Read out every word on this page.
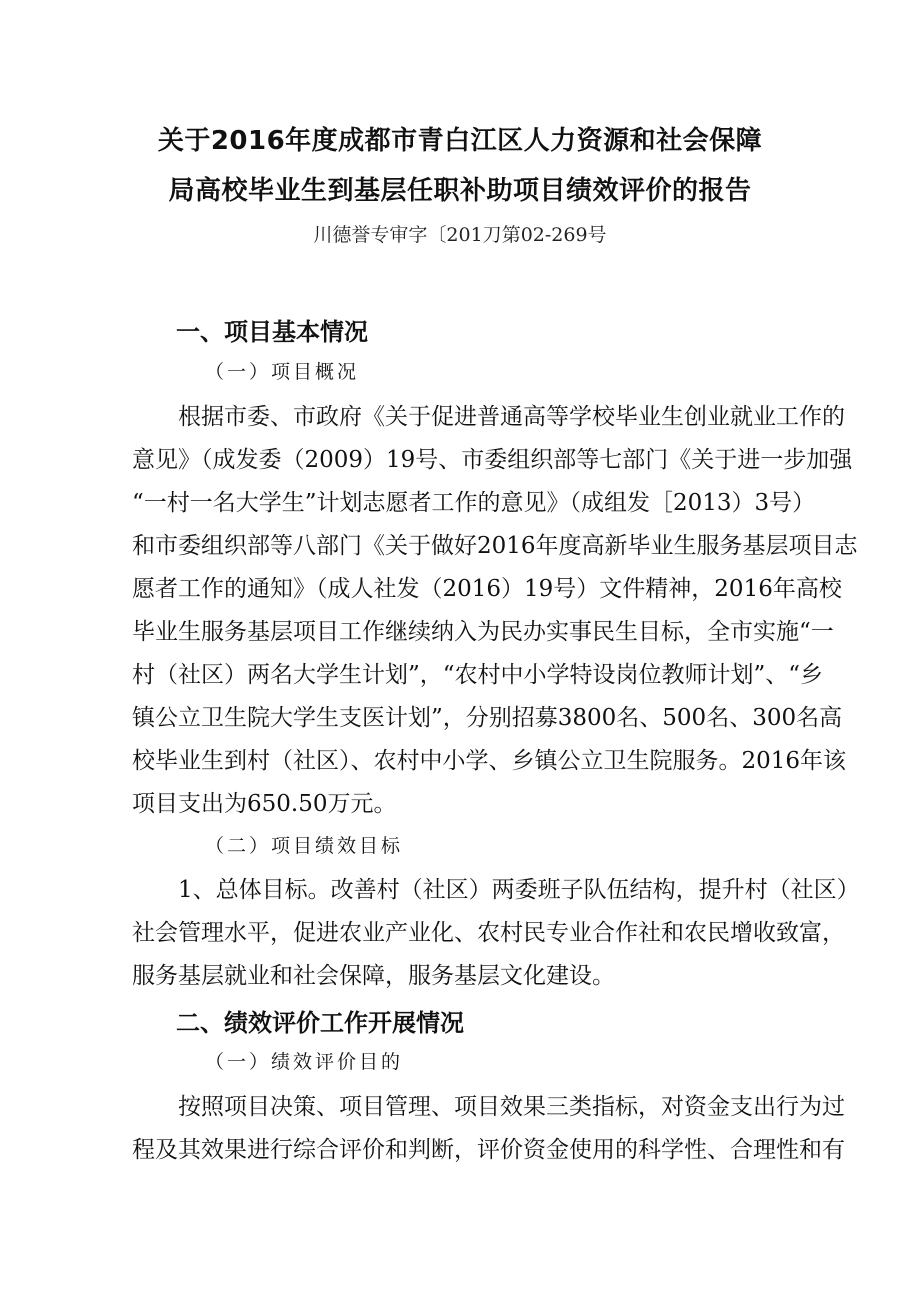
关于2016年度成都市青白江区人力资源和社会保障
局高校毕业生到基层任职补助项目绩效评价的报告
川德誉专审字〔201刀第02-269号
一、项目基本情况
（一）项目概况
根据市委、市政府《关于促进普通高等学校毕业生创业就业工作的
意见》（成发委（2009）19号、市委组织部等七部门《关于进一步加强
“一村一名大学生”计划志愿者工作的意见》（成组发［2013）3号）
和市委组织部等八部门《关于做好2016年度高新毕业生服务基层项目志
愿者工作的通知》（成人社发（2016）19号）文件精神，2016年高校
毕业生服务基层项目工作继续纳入为民办实事民生目标，全市实施“一
村（社区）两名大学生计划”，“农村中小学特设岗位教师计划”、“乡
镇公立卫生院大学生支医计划”，分别招募3800名、500名、300名高
校毕业生到村（社区）、农村中小学、乡镇公立卫生院服务。2016年该
项目支出为650.50万元。
（二）项目绩效目标
1、总体目标。改善村（社区）两委班子队伍结构，提升村（社区）
社会管理水平，促进农业产业化、农村民专业合作社和农民增收致富，
服务基层就业和社会保障，服务基层文化建设。
二、绩效评价工作开展情况
（一）绩效评价目的
按照项目决策、项目管理、项目效果三类指标，对资金支出行为过
程及其效果进行综合评价和判断，评价资金使用的科学性、合理性和有
